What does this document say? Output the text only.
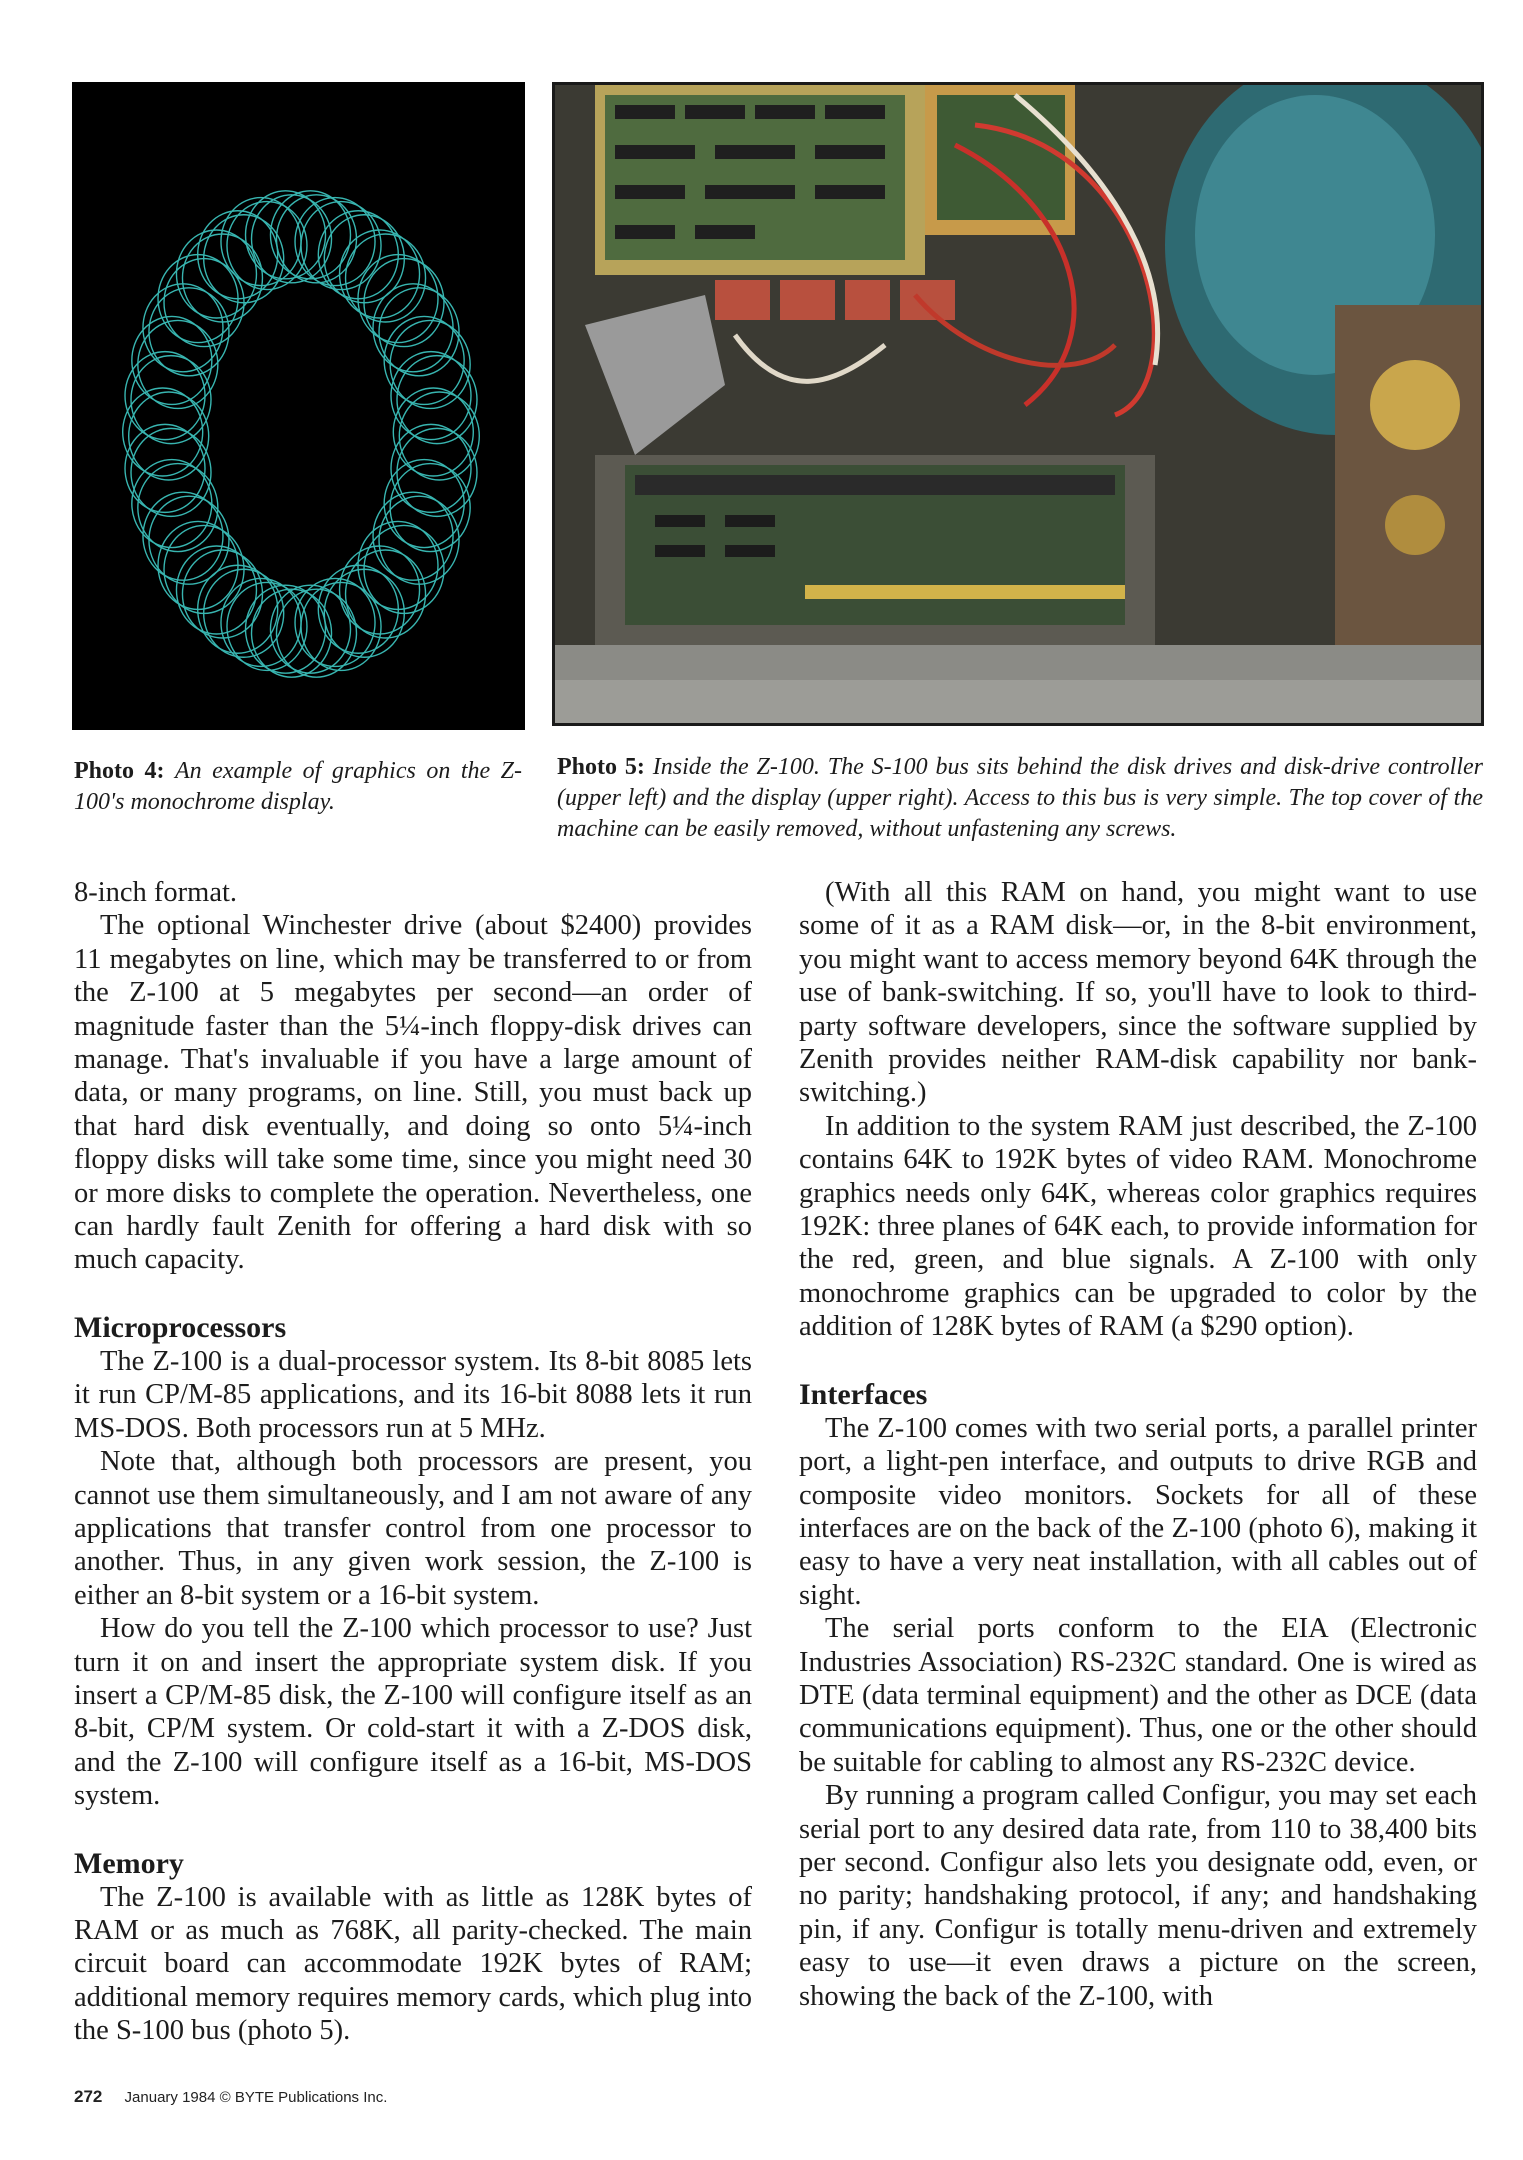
Photo 4: An example of graphics on the Z-100's monochrome display.
Photo 5: Inside the Z-100. The S-100 bus sits behind the disk drives and disk-drive controller (upper left) and the display (upper right). Access to this bus is very simple. The top cover of the machine can be easily removed, without unfastening any screws.

8-inch format.

The optional Winchester drive (about $2400) provides 11 megabytes on line, which may be transferred to or from the Z-100 at 5 megabytes per second—an order of magnitude faster than the 5¼-inch floppy-disk drives can manage. That's invaluable if you have a large amount of data, or many programs, on line. Still, you must back up that hard disk eventually, and doing so onto 5¼-inch floppy disks will take some time, since you might need 30 or more disks to complete the operation. Nevertheless, one can hardly fault Zenith for offering a hard disk with so much capacity.

Microprocessors

The Z-100 is a dual-processor system. Its 8-bit 8085 lets it run CP/M-85 applications, and its 16-bit 8088 lets it run MS-DOS. Both processors run at 5 MHz.

Note that, although both processors are present, you cannot use them simultaneously, and I am not aware of any applications that transfer control from one processor to another. Thus, in any given work session, the Z-100 is either an 8-bit system or a 16-bit system.

How do you tell the Z-100 which processor to use? Just turn it on and insert the appropriate system disk. If you insert a CP/M-85 disk, the Z-100 will configure itself as an 8-bit, CP/M system. Or cold-start it with a Z-DOS disk, and the Z-100 will configure itself as a 16-bit, MS-DOS system.

Memory

The Z-100 is available with as little as 128K bytes of RAM or as much as 768K, all parity-checked. The main circuit board can accommodate 192K bytes of RAM; additional memory requires memory cards, which plug into the S-100 bus (photo 5).

(With all this RAM on hand, you might want to use some of it as a RAM disk—or, in the 8-bit environment, you might want to access memory beyond 64K through the use of bank-switching. If so, you'll have to look to third-party software developers, since the software supplied by Zenith provides neither RAM-disk capability nor bank-switching.)

In addition to the system RAM just described, the Z-100 contains 64K to 192K bytes of video RAM. Monochrome graphics needs only 64K, whereas color graphics requires 192K: three planes of 64K each, to provide information for the red, green, and blue signals. A Z-100 with only monochrome graphics can be upgraded to color by the addition of 128K bytes of RAM (a $290 option).

Interfaces

The Z-100 comes with two serial ports, a parallel printer port, a light-pen interface, and outputs to drive RGB and composite video monitors. Sockets for all of these interfaces are on the back of the Z-100 (photo 6), making it easy to have a very neat installation, with all cables out of sight.

The serial ports conform to the EIA (Electronic Industries Association) RS-232C standard. One is wired as DTE (data terminal equipment) and the other as DCE (data communications equipment). Thus, one or the other should be suitable for cabling to almost any RS-232C device.

By running a program called Configur, you may set each serial port to any desired data rate, from 110 to 38,400 bits per second. Configur also lets you designate odd, even, or no parity; handshaking protocol, if any; and handshaking pin, if any. Configur is totally menu-driven and extremely easy to use—it even draws a picture on the screen, showing the back of the Z-100, with

272 January 1984 © BYTE Publications Inc.
